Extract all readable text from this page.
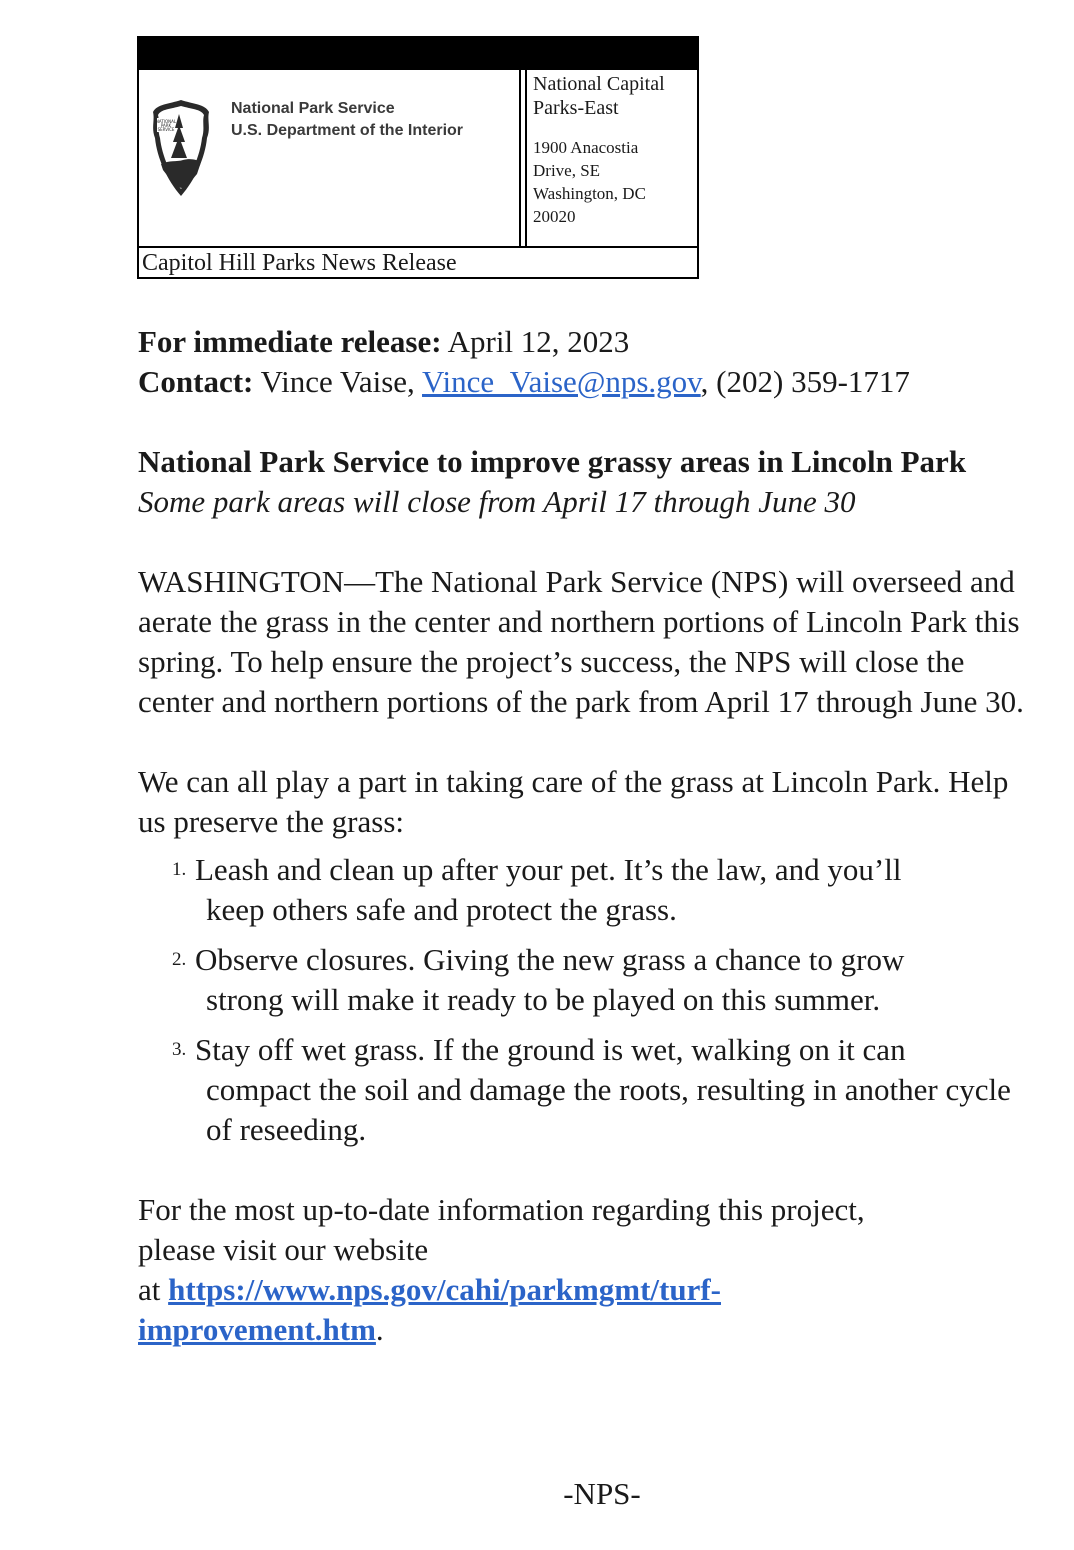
NATIONAL
PARK
SERVICE
National Park Service
U.S. Department of the Interior
National Capital
Parks-East
1900 Anacostia
Drive, SE
Washington, DC
20020
Capitol Hill Parks News Release

For immediate release: April 12, 2023

Contact: Vince Vaise, Vince_Vaise@nps.gov, (202) 359-1717

National Park Service to improve grassy areas in Lincoln Park

Some park areas will close from April 17 through June 30

WASHINGTON—The National Park Service (NPS) will overseed and aerate the grass in the center and northern portions of Lincoln Park this spring. To help ensure the project’s success, the NPS will close the center and northern portions of the park from April 17 through June 30.

We can all play a part in taking care of the grass at Lincoln Park. Help us preserve the grass:

1. Leash and clean up after your pet. It’s the law, and you’ll
keep others safe and protect the grass.
2. Observe closures. Giving the new grass a chance to grow
strong will make it ready to be played on this summer.
3. Stay off wet grass. If the ground is wet, walking on it can
compact the soil and damage the roots, resulting in another cycle of reseeding.

For the most up-to-date information regarding this project,

please visit our website

at https://www.nps.gov/cahi/parkmgmt/turf-

improvement.htm.

-NPS-
